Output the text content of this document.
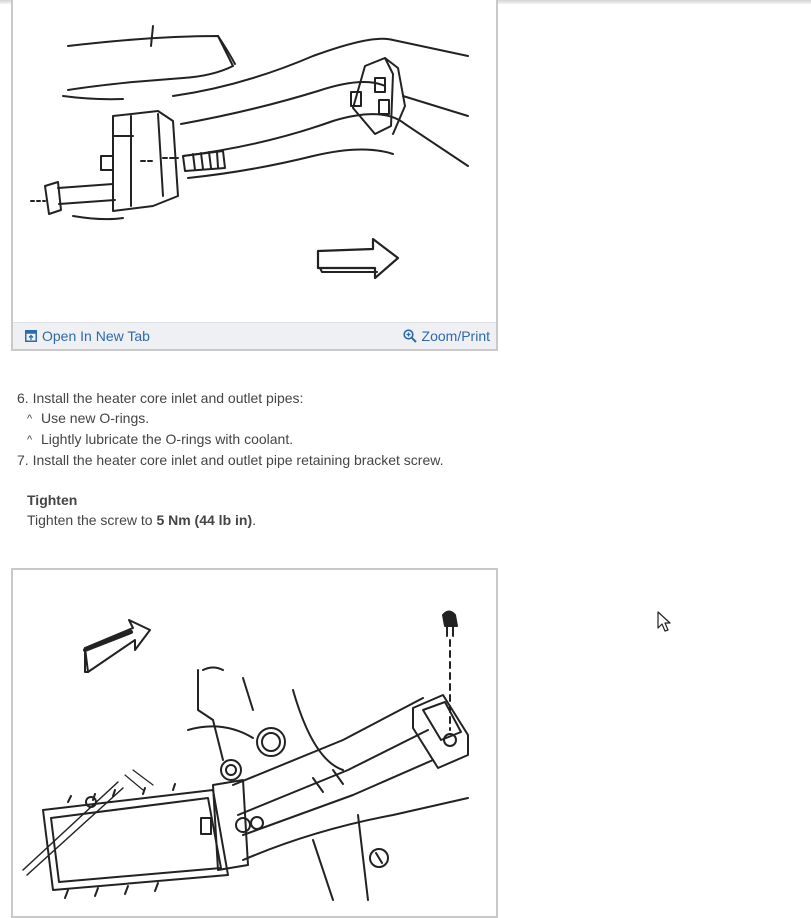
Open In New Tab	Zoom/Print

6. Install the heater core inlet and outlet pipes:

^ Use new O-rings.

^ Lightly lubricate the O-rings with coolant.

7. Install the heater core inlet and outlet pipe retaining bracket screw.

Tighten

Tighten the screw to 5 Nm (44 lb in).
